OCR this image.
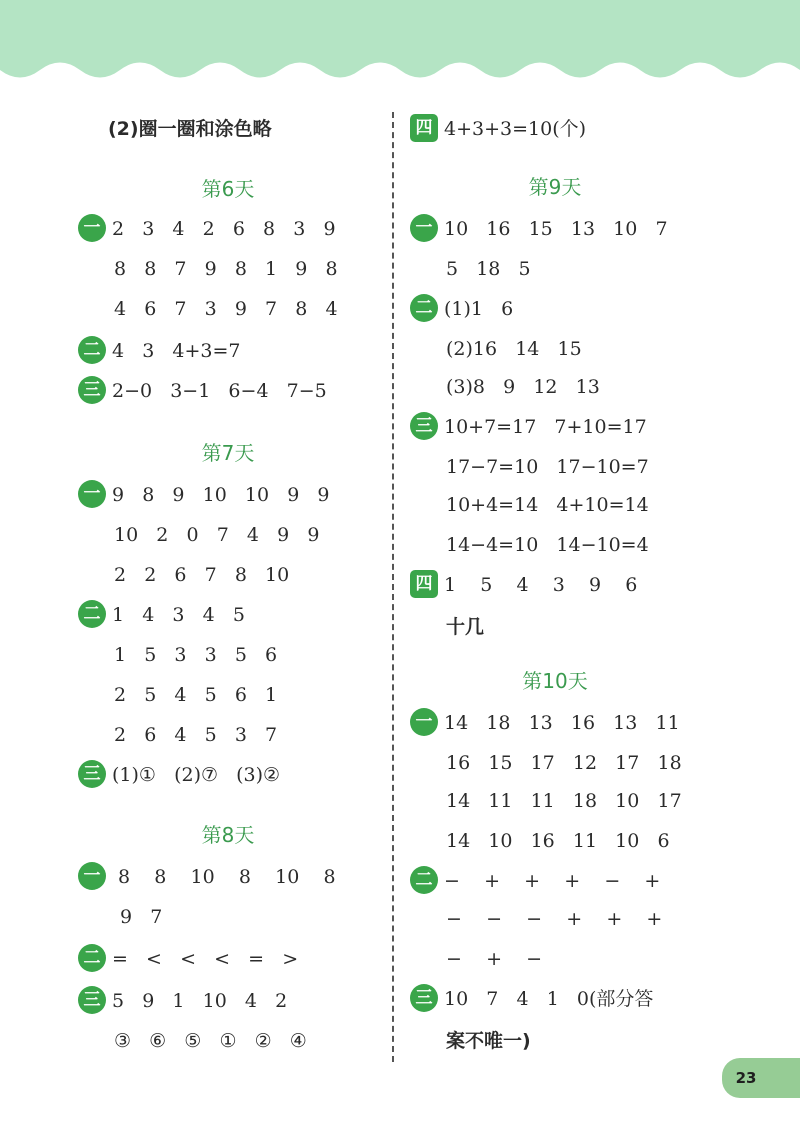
(2)圈一圈和涂色略
第6天
一 2   3   4   2   6   8   3   9
8   8   7   9   8   1   9   8
4   6   7   3   9   7   8   4
二 4   3   4+3=7
三 2−0   3−1   6−4   7−5
第7天
一 9   8   9   10   10   9   9
10   2   0   7   4   9   9
2   2   6   7   8   10
二 1   4   3   4   5
1   5   3   3   5   6
2   5   4   5   6   1
2   6   4   5   3   7
三 (1)①   (2)⑦   (3)②
第8天
一 8    8    10    8    10    8
9   7
二 =   <   <   <   =   >
三 5   9   1   10   4   2
③   ⑥   ⑤   ①   ②   ④
四 4+3+3=10(个)
第9天
一 10   16   15   13   10   7
5   18   5
二 (1)1   6
(2)16   14   15
(3)8   9   12   13
三 10+7=17   7+10=17
17−7=10   17−10=7
10+4=14   4+10=14
14−4=10   14−10=4
四 1    5    4    3    9    6
十几
第10天
一 14   18   13   16   13   11
16   15   17   12   17   18
14   11   11   18   10   17
14   10   16   11   10   6
二 −    +    +    +    −    +
−    −    −    +    +    +
−    +    −
三 10   7   4   1   0(部分答
案不唯一)
23
